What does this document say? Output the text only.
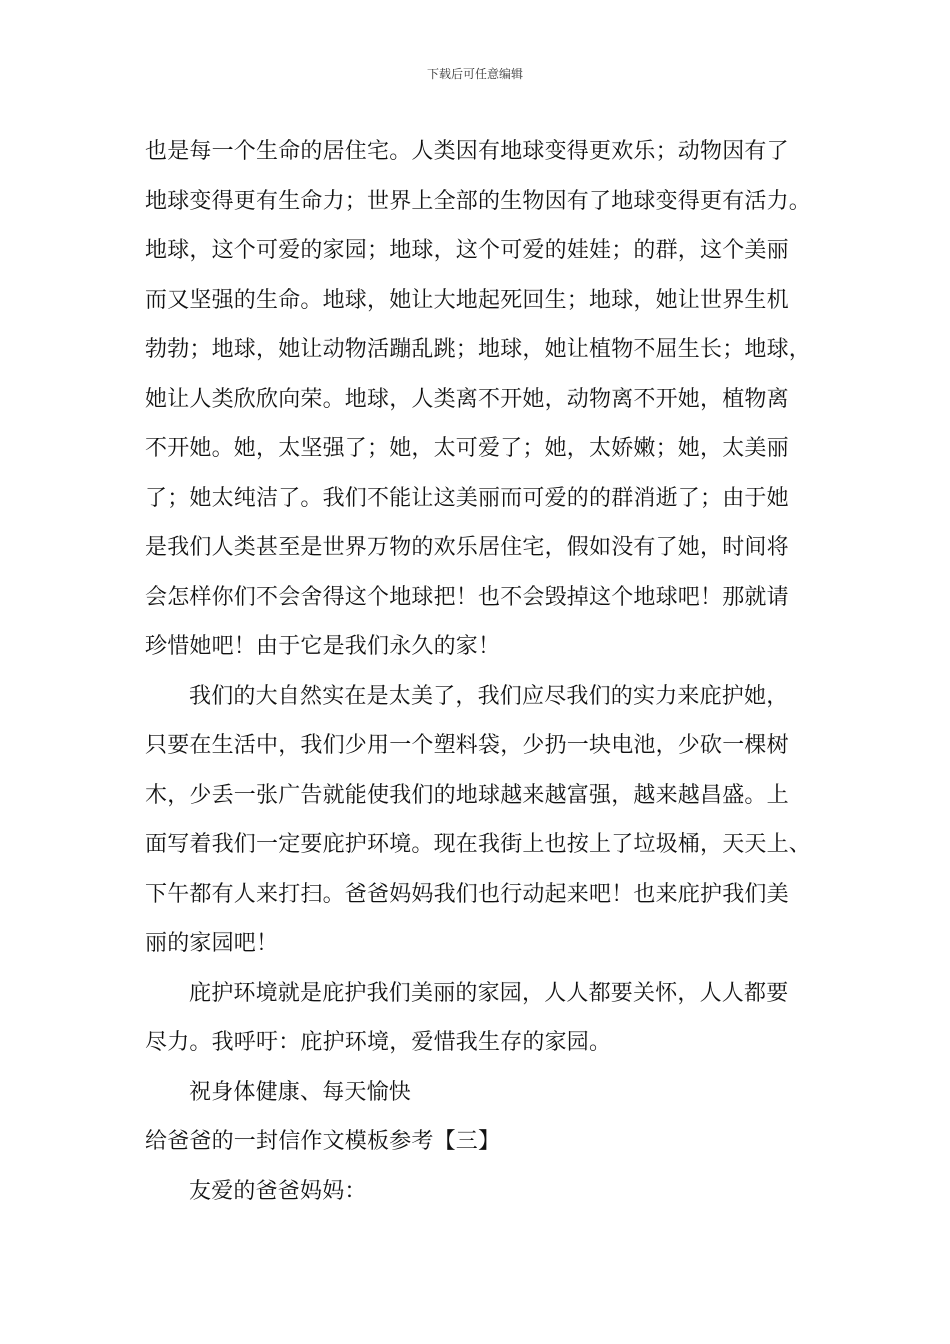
下载后可任意编辑
也是每一个生命的居住宅。人类因有地球变得更欢乐；动物因有了
地球变得更有生命力；世界上全部的生物因有了地球变得更有活力。
地球，这个可爱的家园；地球，这个可爱的娃娃；的群，这个美丽
而又坚强的生命。地球，她让大地起死回生；地球，她让世界生机
勃勃；地球，她让动物活蹦乱跳；地球，她让植物不屈生长；地球，
她让人类欣欣向荣。地球，人类离不开她，动物离不开她，植物离
不开她。她，太坚强了；她，太可爱了；她，太娇嫩；她，太美丽
了；她太纯洁了。我们不能让这美丽而可爱的的群消逝了；由于她
是我们人类甚至是世界万物的欢乐居住宅，假如没有了她，时间将
会怎样你们不会舍得这个地球把！也不会毁掉这个地球吧！那就请
珍惜她吧！由于它是我们永久的家！
我们的大自然实在是太美了，我们应尽我们的实力来庇护她，
只要在生活中，我们少用一个塑料袋，少扔一块电池，少砍一棵树
木，少丢一张广告就能使我们的地球越来越富强，越来越昌盛。上
面写着我们一定要庇护环境。现在我街上也按上了垃圾桶，天天上、
下午都有人来打扫。爸爸妈妈我们也行动起来吧！也来庇护我们美
丽的家园吧！
庇护环境就是庇护我们美丽的家园，人人都要关怀，人人都要
尽力。我呼吁：庇护环境，爱惜我生存的家园。
祝身体健康、每天愉快
给爸爸的一封信作文模板参考【三】
友爱的爸爸妈妈：
